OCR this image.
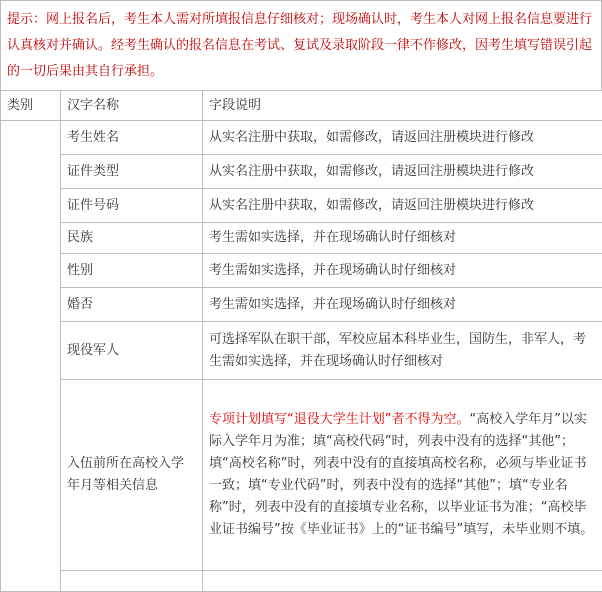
提示：网上报名后，考生本人需对所填报信息仔细核对；现场确认时，考生本人对网上报名信息要进行认真核对并确认。经考生确认的报名信息在考试、复试及录取阶段一律不作修改，因考生填写错误引起的一切后果由其自行承担。
类别	汉字名称	字段说明
	考生姓名	从实名注册中获取，如需修改，请返回注册模块进行修改
	证件类型	从实名注册中获取，如需修改，请返回注册模块进行修改
	证件号码	从实名注册中获取，如需修改，请返回注册模块进行修改
	民族	考生需如实选择，并在现场确认时仔细核对
	性别	考生需如实选择，并在现场确认时仔细核对
	婚否	考生需如实选择，并在现场确认时仔细核对
	现役军人	可选择军队在职干部，军校应届本科毕业生，国防生，非军人，考生需如实选择，并在现场确认时仔细核对
	入伍前所在高校入学年月等相关信息	专项计划填写“退役大学生计划”者不得为空。“高校入学年月”以实际入学年月为准；填“高校代码”时，列表中没有的选择“其他”；填“高校名称”时，列表中没有的直接填高校名称，必须与毕业证书一致；填“专业代码”时，列表中没有的选择“其他”；填“专业名称”时，列表中没有的直接填专业名称，以毕业证书为准；“高校毕业证书编号”按《毕业证书》上的“证书编号”填写，未毕业则不填。
